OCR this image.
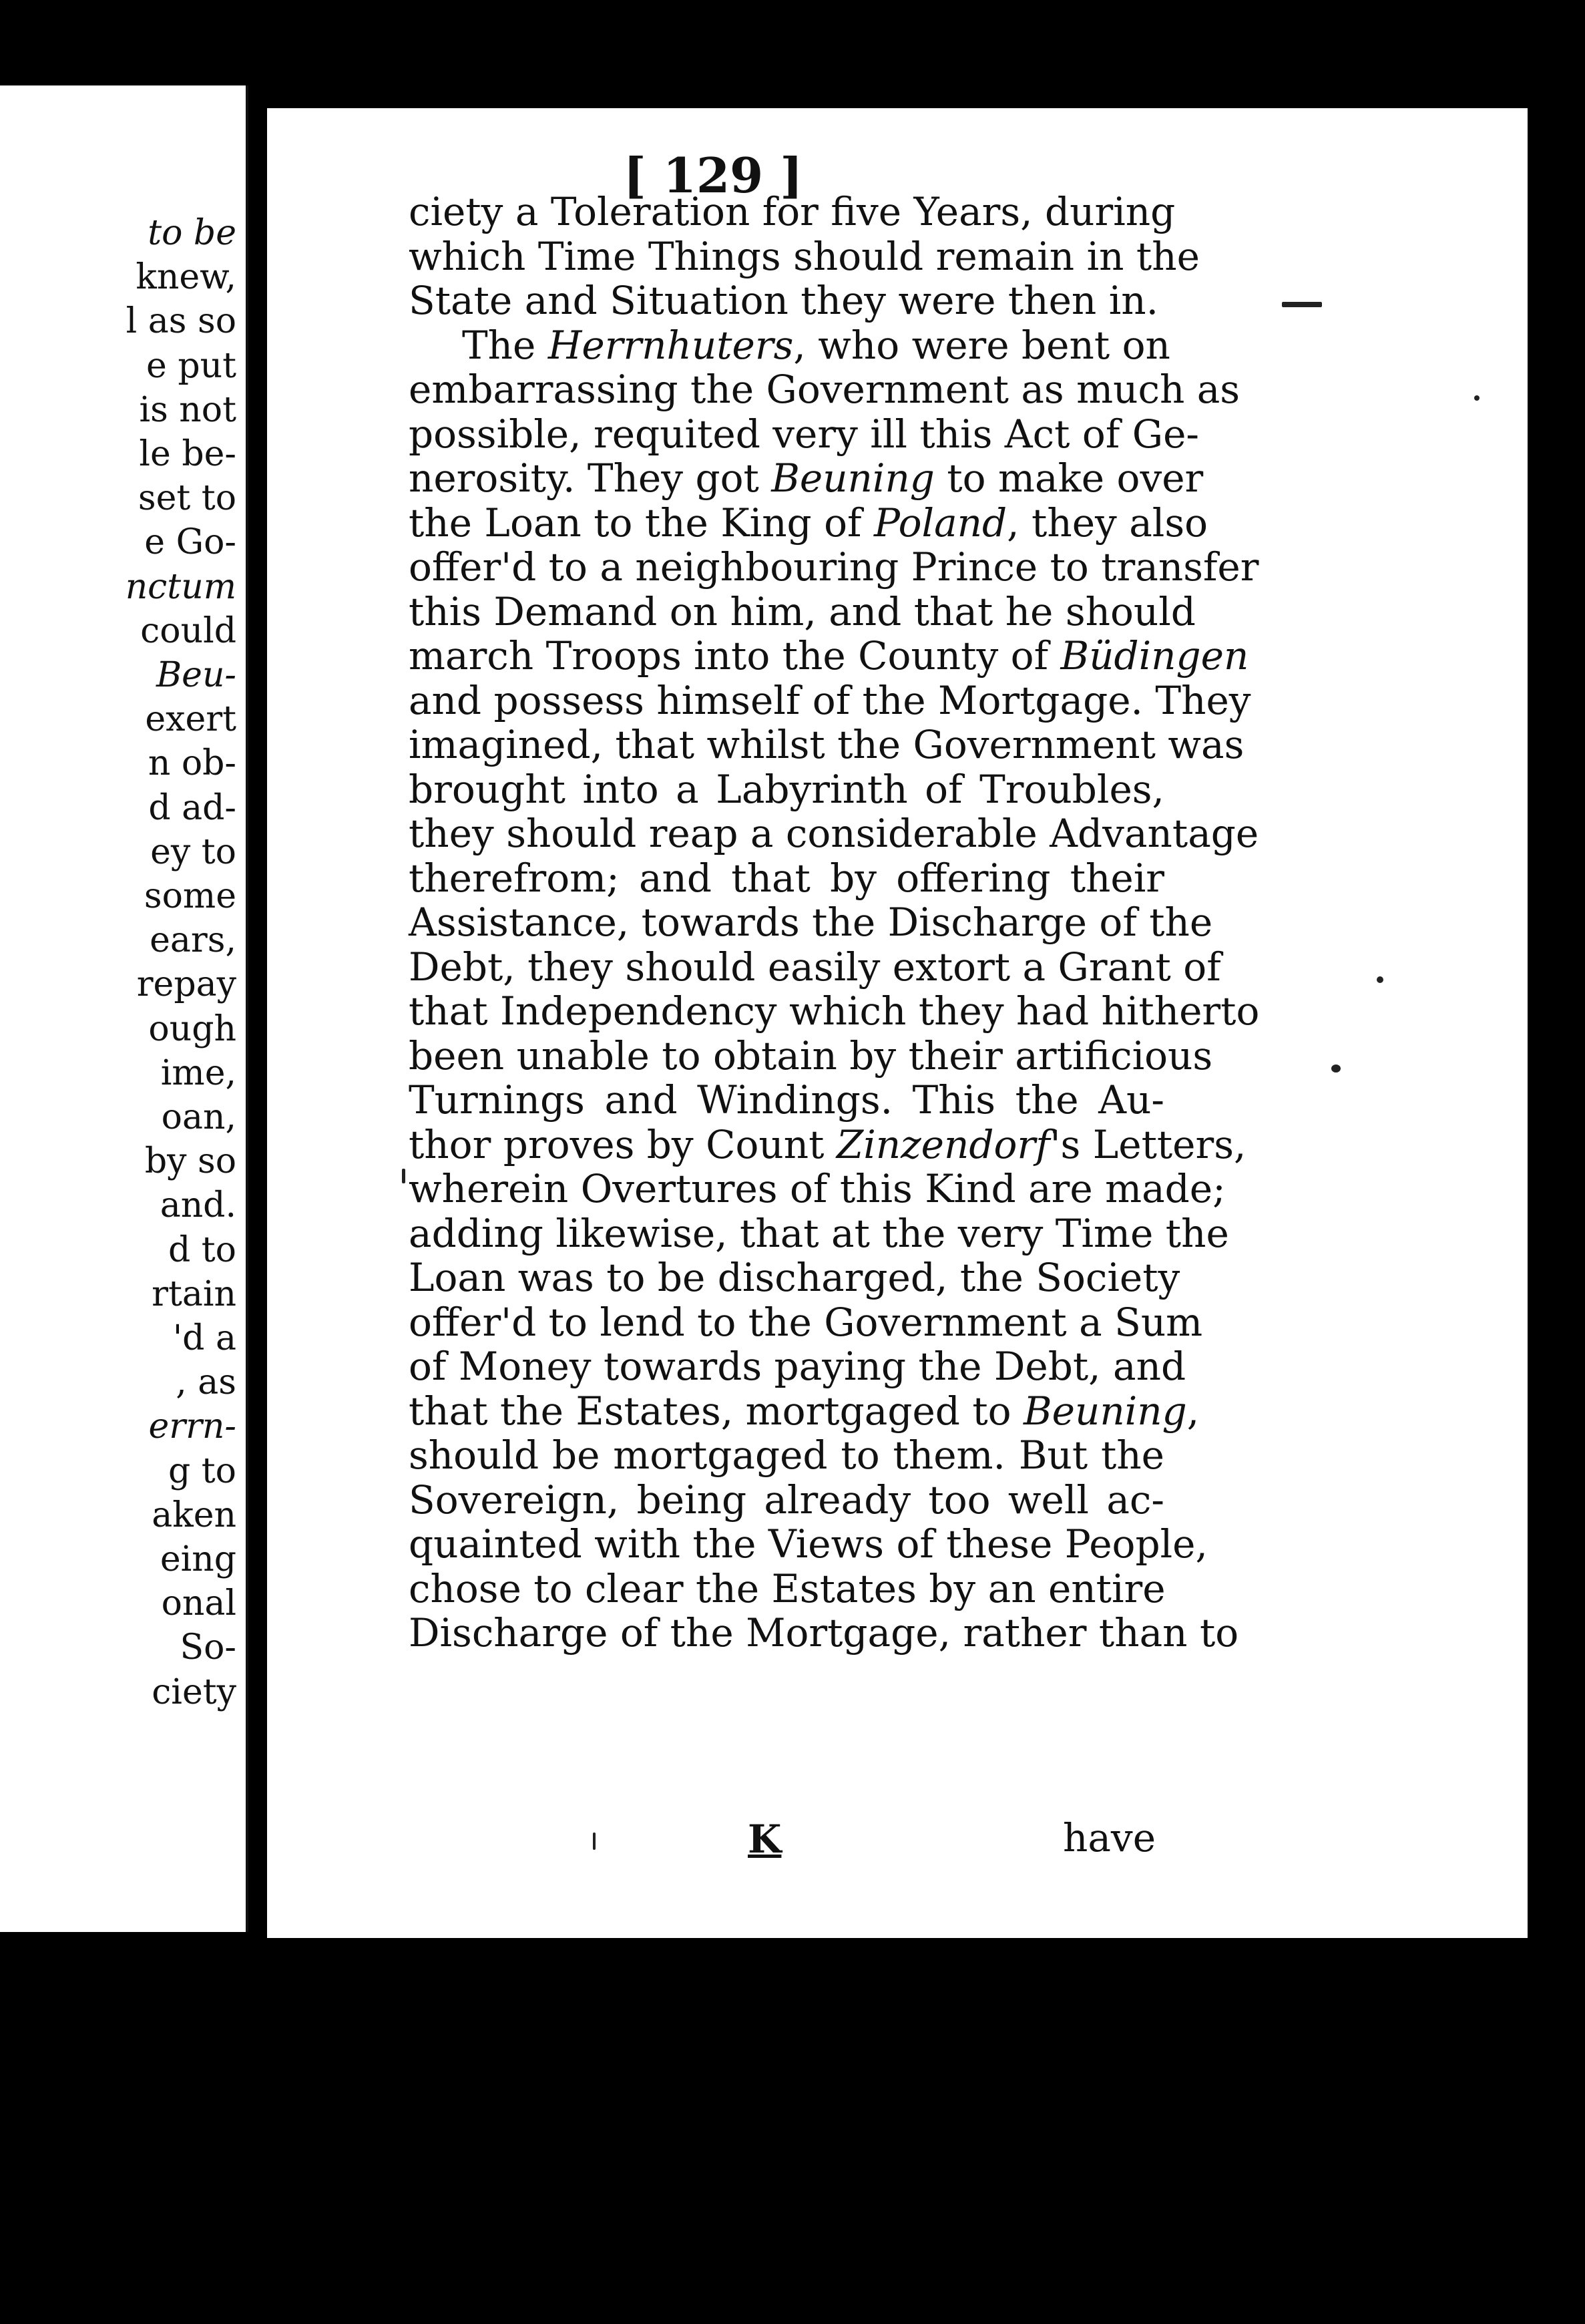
to be
knew,
l as so
e put
is not
le be-
set to
e Go-
nctum
could
Beu-
exert
n ob-
d ad-
ey to
some
ears,
repay
ough
ime,
oan,
by so
and.
d to
rtain
'd a
, as
errn-
g to
aken
eing
onal
So-
ciety
[ 129 ]
ciety a Toleration for five Years, during
which Time Things should remain in the
State and Situation they were then in.
The Herrnhuters, who were bent on
embarrassing the Government as much as
possible, requited very ill this Act of Ge-
nerosity. They got Beuning to make over
the Loan to the King of Poland, they also
offer'd to a neighbouring Prince to transfer
this Demand on him, and that he should
march Troops into the County of Büdingen
and possess himself of the Mortgage. They
imagined, that whilst the Government was
brought into a Labyrinth of Troubles,
they should reap a considerable Advantage
therefrom; and that by offering their
Assistance, towards the Discharge of the
Debt, they should easily extort a Grant of
that Independency which they had hitherto
been unable to obtain by their artificious
Turnings and Windings. This the Au-
thor proves by Count Zinzendorf's Letters,
wherein Overtures of this Kind are made;
adding likewise, that at the very Time the
Loan was to be discharged, the Society
offer'd to lend to the Government a Sum
of Money towards paying the Debt, and
that the Estates, mortgaged to Beuning
should be mortgaged to them. But the
Sovereign, being already too well ac-
quainted with the Views of these People,
chose to clear the Estates by an entire
Discharge of the Mortgage, rather than to
K	have
